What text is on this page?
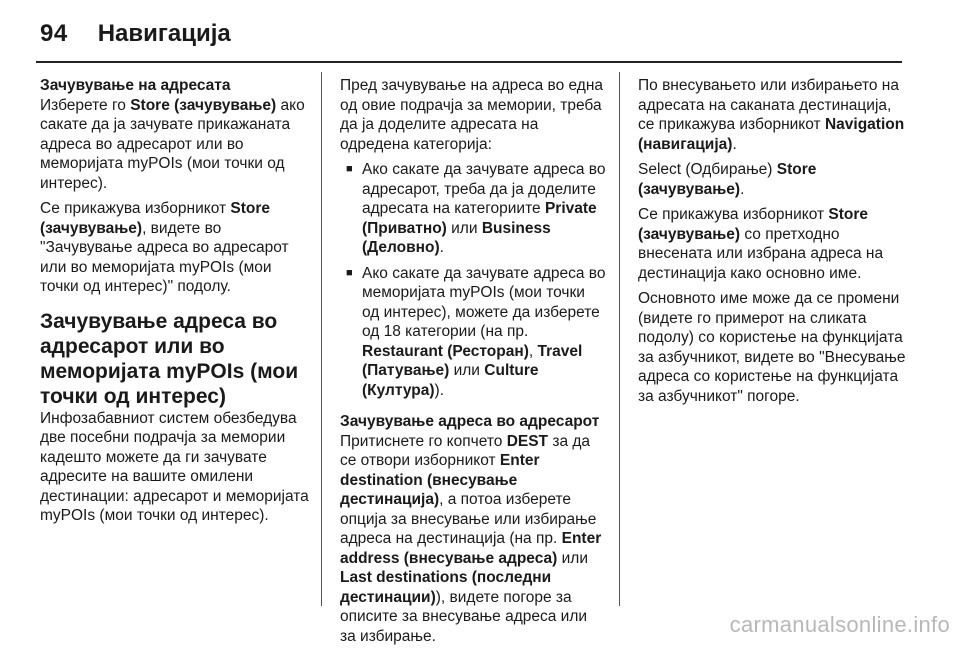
94 Навигација

Зачувување на адресата

Изберете го Store (зачувување) ако сакате да ја зачувате прикажаната адреса во адресарот или во меморијата myPOIs (мои точки од интерес).

Се прикажува изборникот Store (зачувување), видете во "Зачувување адреса во адресарот или во меморијата myPOIs (мои точки од интерес)" подолу.

Зачувување адреса во адресарот или во меморијата myPOIs (мои точки од интерес)

Инфозабавниот систем обезбедува две посебни подрачја за мемории кадешто можете да ги зачувате адресите на вашите омилени дестинации: адресарот и меморијата myPOIs (мои точки од интерес).

Пред зачувување на адреса во една од овие подрачја за мемории, треба да ја доделите адресата на одредена категорија:

■ Ако сакате да зачувате адреса во адресарот, треба да ја доделите адресата на категориите Private (Приватно) или Business (Деловно).
■ Ако сакате да зачувате адреса во меморијата myPOIs (мои точки од интерес), можете да изберете од 18 категории (на пр. Restaurant (Ресторан), Travel (Патување) или Culture (Култура)).

Зачувување адреса во адресарот

Притиснете го копчето DEST за да се отвори изборникот Enter destination (внесување дестинација), а потоа изберете опција за внесување или избирање адреса на дестинација (на пр. Enter address (внесување адреса) или Last destinations (последни дестинации)), видете погоре за описите за внесување адреса или за избирање.

По внесувањето или избирањето на адресата на саканата дестинација, се прикажува изборникот Navigation (навигација).

Select (Одбирање) Store (зачувување).

Се прикажува изборникот Store (зачувување) со претходно внесената или избрана адреса на дестинација како основно име.

Основното име може да се промени (видете го примерот на сликата подолу) со користење на функцијата за азбучникот, видете во "Внесување адреса со користење на функцијата за азбучникот" погоре.

carmanualsonline.info
